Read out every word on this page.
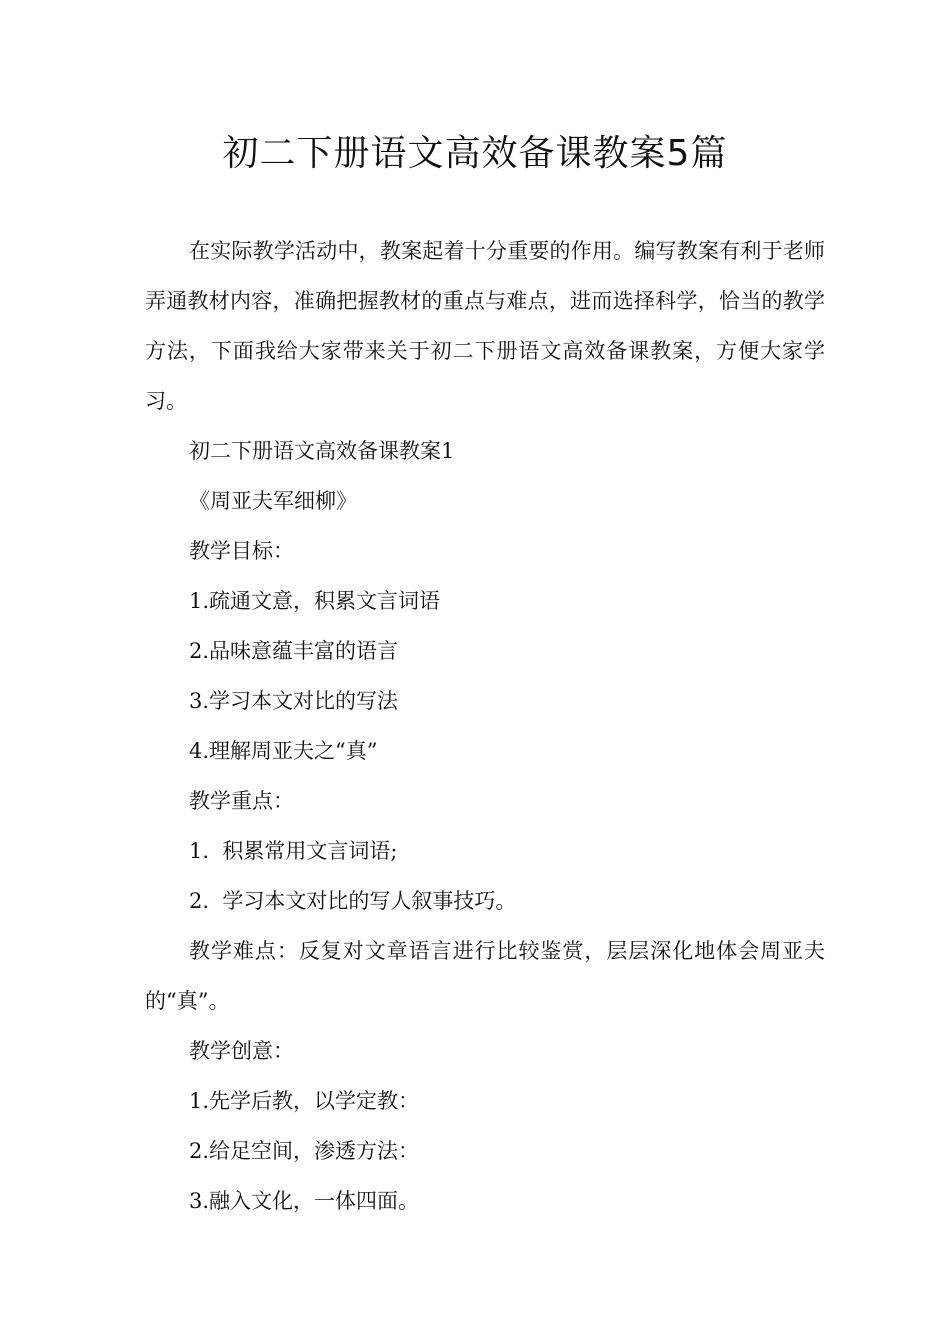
初二下册语文高效备课教案5篇

在实际教学活动中，教案起着十分重要的作用。编写教案有利于老师弄通教材内容，准确把握教材的重点与难点，进而选择科学，恰当的教学方法，下面我给大家带来关于初二下册语文高效备课教案，方便大家学习。

初二下册语文高效备课教案1

《周亚夫军细柳》

教学目标：

1.疏通文意，积累文言词语

2.品味意蕴丰富的语言

3.学习本文对比的写法

4.理解周亚夫之“真”

教学重点：

1.  积累常用文言词语;

2.  学习本文对比的写人叙事技巧。

教学难点：反复对文章语言进行比较鉴赏，层层深化地体会周亚夫的“真”。

教学创意：

1.先学后教，以学定教：

2.给足空间，渗透方法：

3.融入文化，一体四面。
